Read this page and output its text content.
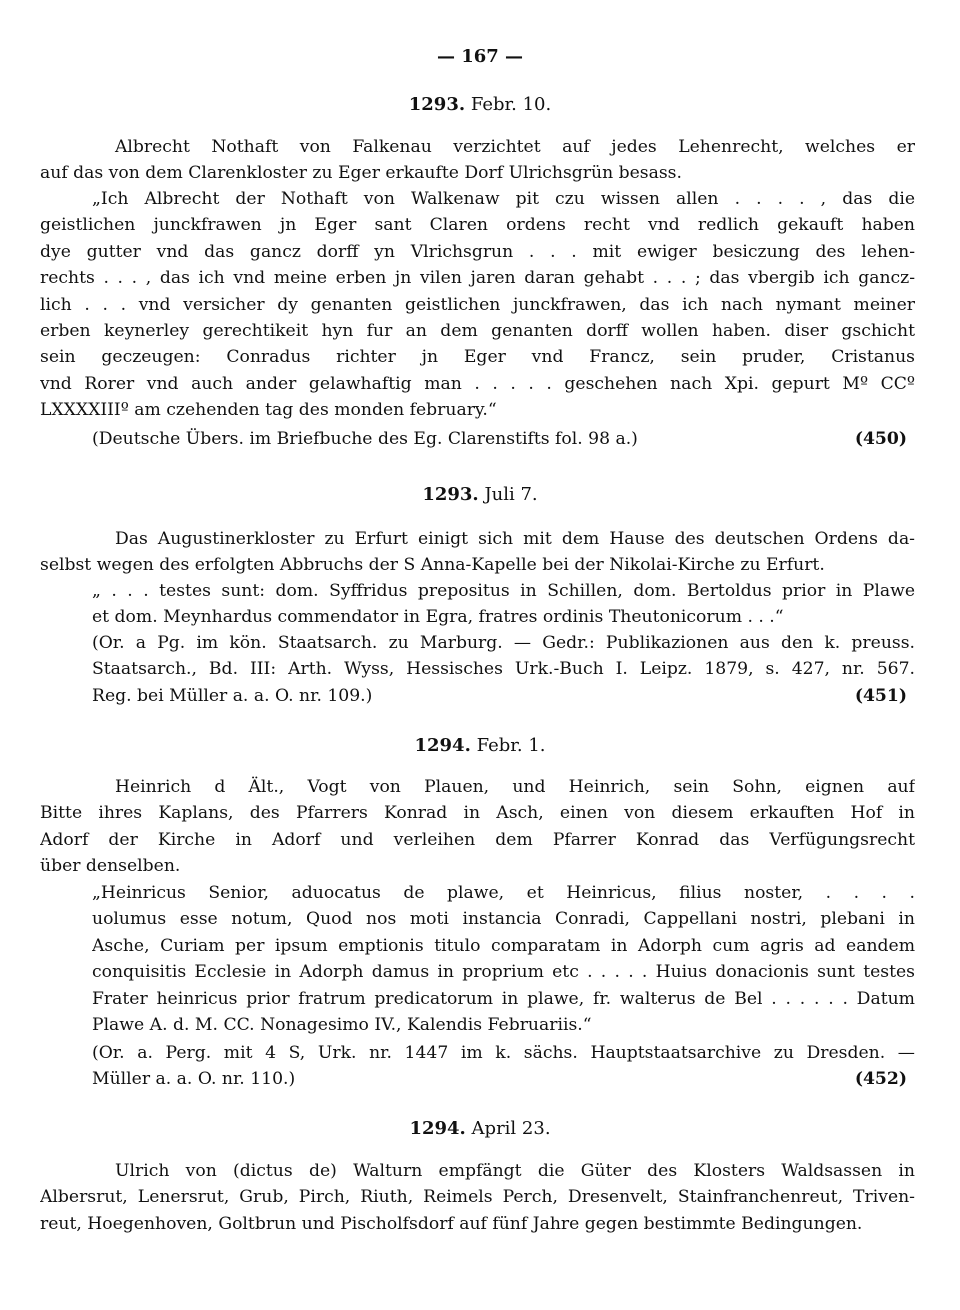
— 167 —
1293. Febr. 10.
Albrecht Nothaft von Falkenau verzichtet auf jedes Lehenrecht, welches er
auf das von dem Clarenkloster zu Eger erkaufte Dorf Ulrichsgrün besass.
„Ich Albrecht der Nothaft von Walkenaw pit czu wissen allen . . . . , das die
geistlichen junckfrawen jn Eger sant Claren ordens recht vnd redlich gekauft haben
dye gutter vnd das gancz dorff yn Vlrichsgrun . . . mit ewiger besiczung des lehen-
rechts . . . , das ich vnd meine erben jn vilen jaren daran gehabt . . . ; das vbergib ich gancz-
lich . . . vnd versicher dy genanten geistlichen junckfrawen, das ich nach nymant meiner
erben keynerley gerechtikeit hyn fur an dem genanten dorff wollen haben. diser gschicht
sein geczeugen: Conradus richter jn Eger vnd Francz, sein pruder, Cristanus
vnd Rorer vnd auch ander gelawhaftig man . . . . . geschehen nach Xpi. gepurt Mº CCº
LXXXXIIIº am czehenden tag des monden february.“
(Deutsche Übers. im Briefbuche des Eg. Clarenstifts fol. 98 a.)	(450)
1293. Juli 7.
Das Augustinerkloster zu Erfurt einigt sich mit dem Hause des deutschen Ordens da-
selbst wegen des erfolgten Abbruchs der S Anna-Kapelle bei der Nikolai-Kirche zu Erfurt.
„ . . . testes sunt: dom. Syffridus prepositus in Schillen, dom. Bertoldus prior in Plawe
et dom. Meynhardus commendator in Egra, fratres ordinis Theutonicorum . . .“
(Or. a Pg. im kön. Staatsarch. zu Marburg. — Gedr.: Publikazionen aus den k. preuss.
Staatsarch., Bd. III: Arth. Wyss, Hessisches Urk.-Buch I. Leipz. 1879, s. 427, nr. 567.
Reg. bei Müller a. a. O. nr. 109.)	(451)
1294. Febr. 1.
Heinrich d Ält., Vogt von Plauen, und Heinrich, sein Sohn, eignen auf
Bitte ihres Kaplans, des Pfarrers Konrad in Asch, einen von diesem erkauften Hof in
Adorf der Kirche in Adorf und verleihen dem Pfarrer Konrad das Verfügungsrecht
über denselben.
„Heinricus Senior, aduocatus de plawe, et Heinricus, filius noster, . . . .
uolumus esse notum, Quod nos moti instancia Conradi, Cappellani nostri, plebani in
Asche, Curiam per ipsum emptionis titulo comparatam in Adorph cum agris ad eandem
conquisitis Ecclesie in Adorph damus in proprium etc . . . . . Huius donacionis sunt testes
Frater heinricus prior fratrum predicatorum in plawe, fr. walterus de Bel . . . . . . Datum
Plawe A. d. M. CC. Nonagesimo IV., Kalendis Februariis.“
(Or. a. Perg. mit 4 S, Urk. nr. 1447 im k. sächs. Hauptstaatsarchive zu Dresden. —
Müller a. a. O. nr. 110.)	(452)
1294. April 23.
Ulrich von (dictus de) Walturn empfängt die Güter des Klosters Waldsassen in
Albersrut, Lenersrut, Grub, Pirch, Riuth, Reimels Perch, Dresenvelt, Stainfranchenreut, Triven-
reut, Hoegenhoven, Goltbrun und Pischolfsdorf auf fünf Jahre gegen bestimmte Bedingungen.
